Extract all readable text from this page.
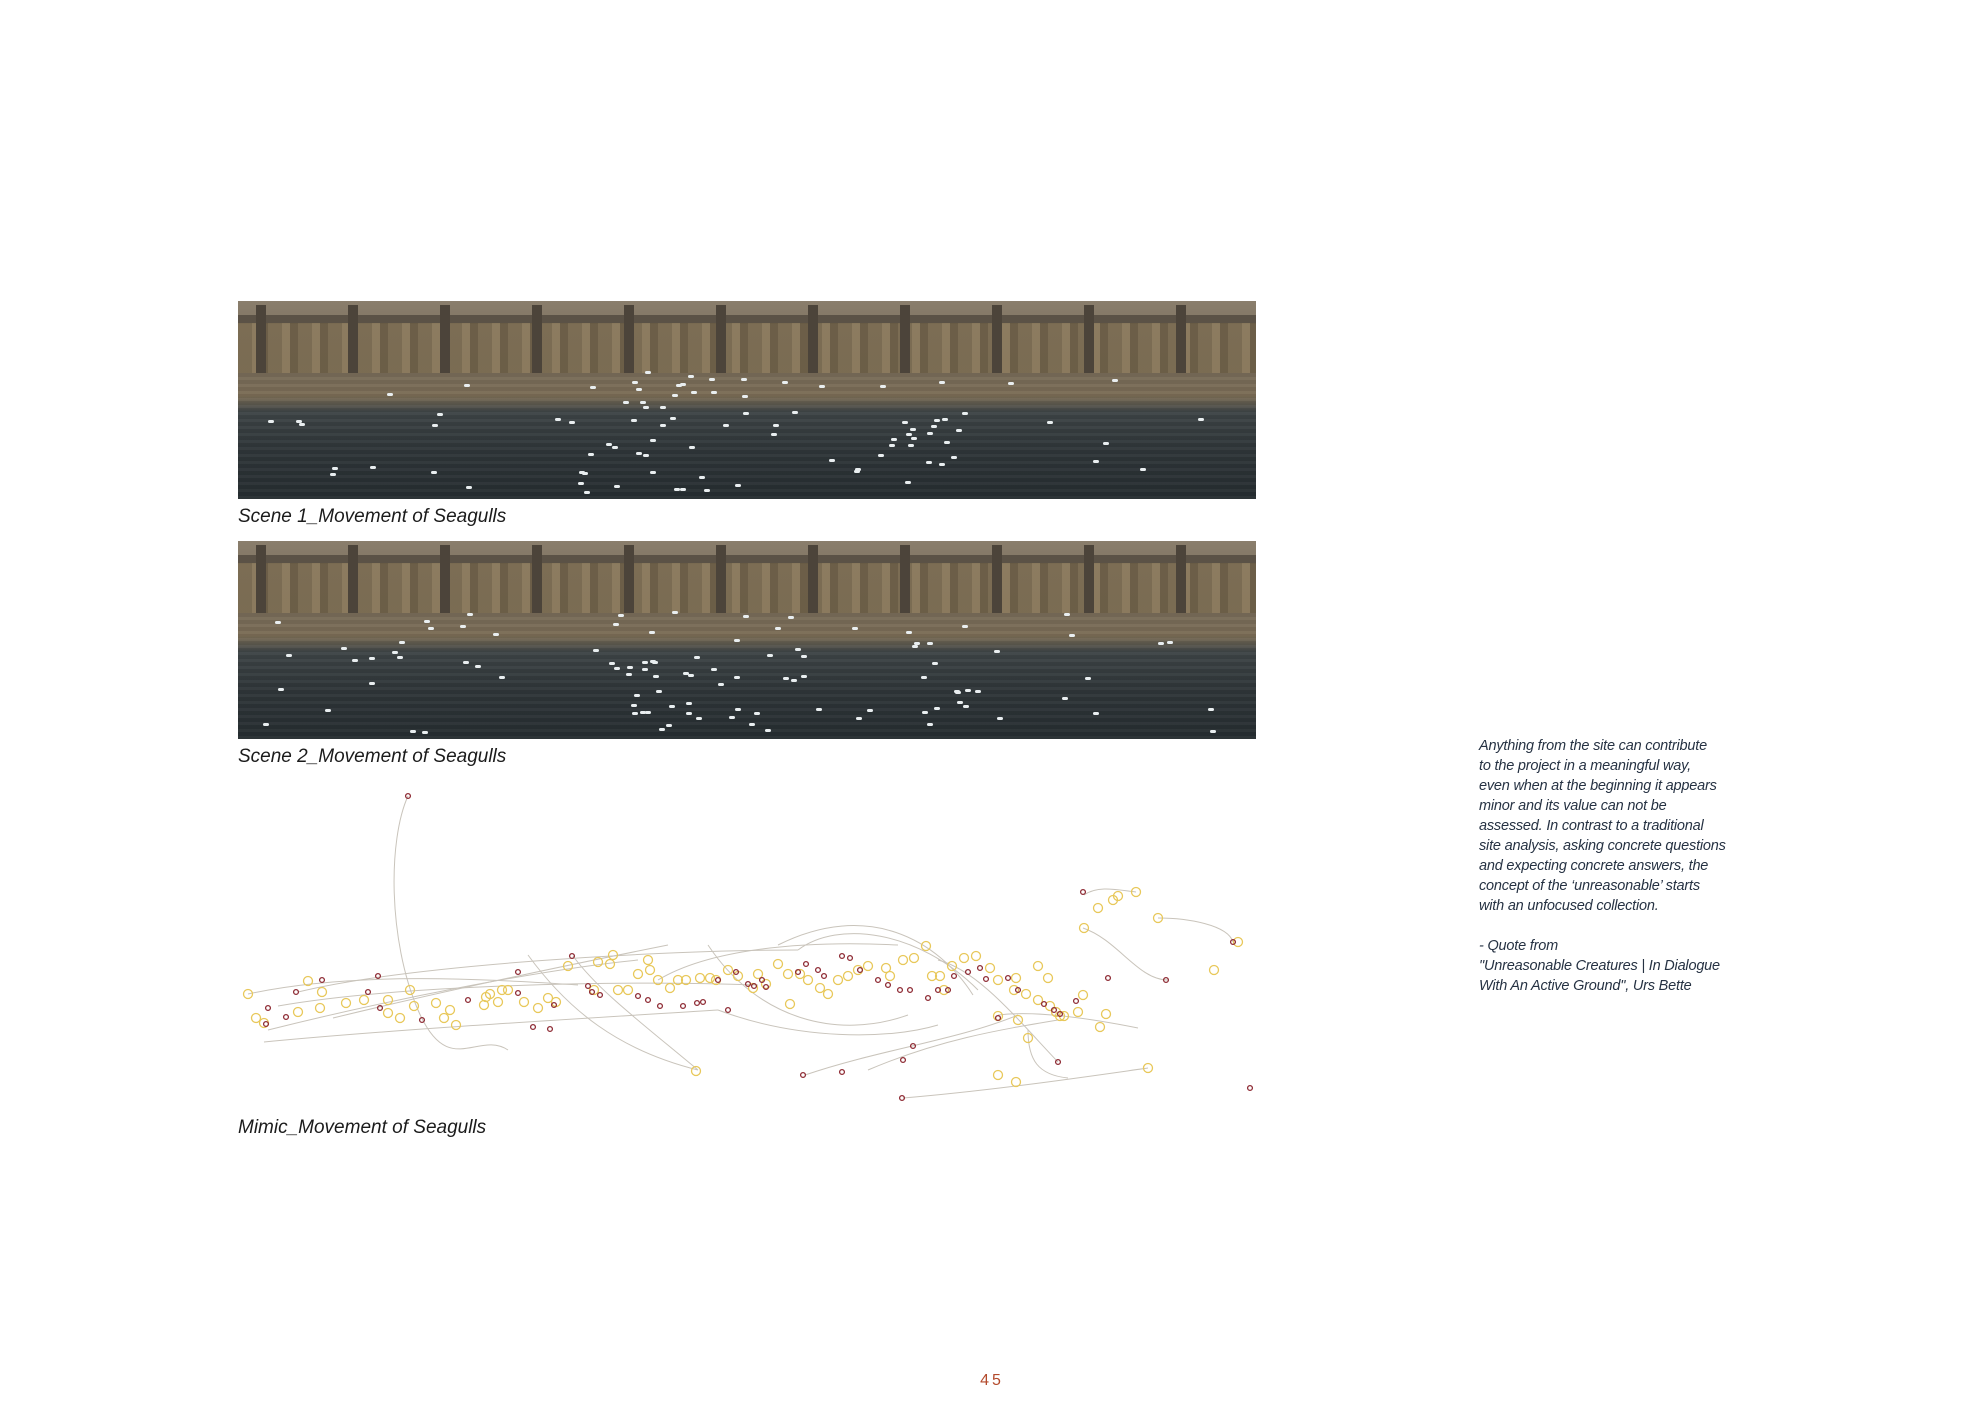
Scene 1_Movement of Seagulls
Scene 2_Movement of Seagulls
Mimic_Movement of Seagulls
Anything from the site can contribute
to the project in a meaningful way,
even when at the beginning it appears
minor and its value can not be
assessed. In contrast to a traditional
site analysis, asking concrete questions
and expecting concrete answers, the
concept of the ‘unreasonable’ starts
with an unfocused collection.
- Quote from
"Unreasonable Creatures | In Dialogue
With An Active Ground", Urs Bette
45
